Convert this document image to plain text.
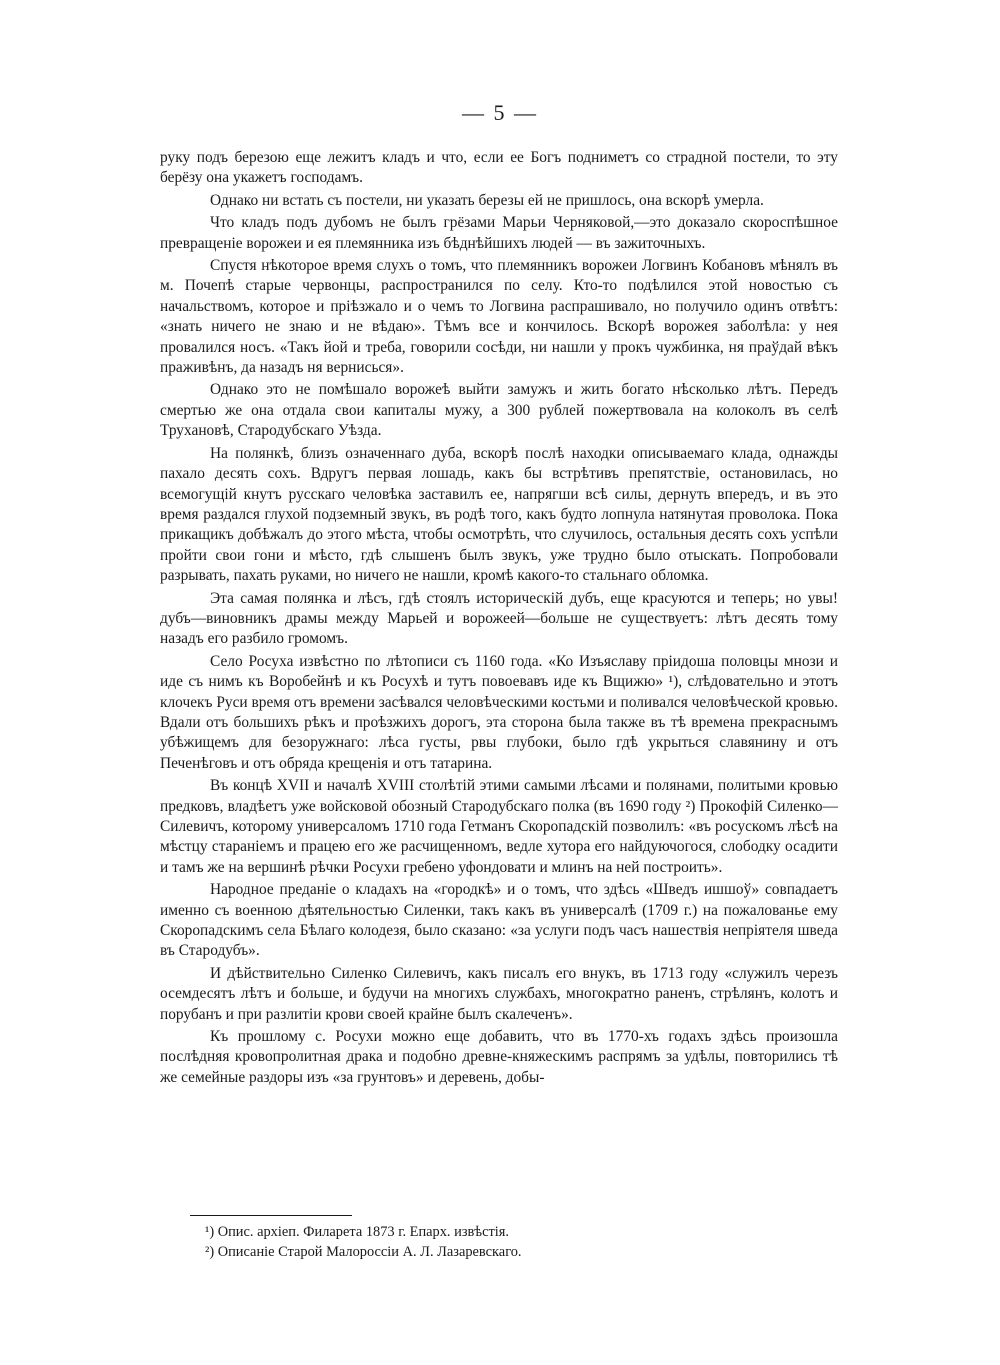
— 5 —

руку подъ березою еще лежитъ кладъ и что, если ее Богъ подниметъ со страдной постели, то эту берёзу она укажетъ господамъ.

Однако ни встать съ постели, ни указать березы ей не пришлось, она вскорѣ умерла.

Что кладъ подъ дубомъ не былъ грёзами Марьи Черняковой,—это доказало скороспѣшное превращеніе ворожеи и ея племянника изъ бѣднѣйшихъ людей — въ зажиточныхъ.

Спустя нѣкоторое время слухъ о томъ, что племянникъ ворожеи Логвинъ Кобановъ мѣнялъ въ м. Почепѣ старые червонцы, распространился по селу. Кто-то подѣлился этой новостью съ начальствомъ, которое и пріѣзжало и о чемъ то Логвина распрашивало, но получило одинъ отвѣтъ: «знать ничего не знаю и не вѣдаю». Тѣмъ все и кончилось. Вскорѣ ворожея заболѣла: у нея провалился носъ. «Такъ йой и треба, говорили сосѣди, ни нашли у прокъ чужбинка, ня праўдай вѣкъ праживѣнъ, да назадъ ня вернисься».

Однако это не помѣшало ворожеѣ выйти замужъ и жить богато нѣсколько лѣтъ. Передъ смертью же она отдала свои капиталы мужу, а 300 рублей пожертвовала на колоколъ въ селѣ Трухановѣ, Стародубскаго Уѣзда.

На полянкѣ, близъ означеннаго дуба, вскорѣ послѣ находки описываемаго клада, однажды пахало десять сохъ. Вдругъ первая лошадь, какъ бы встрѣтивъ препятствіе, остановилась, но всемогущій кнутъ русскаго человѣка заставилъ ее, напрягши всѣ силы, дернуть впередъ, и въ это время раздался глухой подземный звукъ, въ родѣ того, какъ будто лопнула натянутая проволока. Пока прикащикъ добѣжалъ до этого мѣста, чтобы осмотрѣть, что случилось, остальныя десять сохъ успѣли пройти свои гони и мѣсто, гдѣ слышенъ былъ звукъ, уже трудно было отыскать. Попробовали разрывать, пахать руками, но ничего не нашли, кромѣ какого-то стальнаго обломка.

Эта самая полянка и лѣсъ, гдѣ стоялъ историческій дубъ, еще красуются и теперь; но увы! дубъ—виновникъ драмы между Марьей и ворожеей—больше не существуетъ: лѣтъ десять тому назадъ его разбило громомъ.

Село Росуха извѣстно по лѣтописи съ 1160 года. «Ко Изъяславу пріидоша половцы мнози и иде съ нимъ къ Воробейнѣ и къ Росухѣ и тутъ повоевавъ иде къ Вщижю» ¹), слѣдовательно и этотъ клочекъ Руси время отъ времени засѣвался человѣческими костьми и поливался человѣческой кровью. Вдали отъ большихъ рѣкъ и проѣзжихъ дорогъ, эта сторона была также въ тѣ времена прекраснымъ убѣжищемъ для безоружнаго: лѣса густы, рвы глубоки, было гдѣ укрыться славянину и отъ Печенѣговъ и отъ обряда крещенія и отъ татарина.

Въ концѣ XVII и началѣ XVIII столѣтій этими самыми лѣсами и полянами, политыми кровью предковъ, владѣетъ уже войсковой обозный Стародубскаго полка (въ 1690 году ²) Прокофій Силенко—Силевичъ, которому универсаломъ 1710 года Гетманъ Скоропадскій позволилъ: «въ росускомъ лѣсѣ на мѣстцу стараніемъ и працею его же расчищенномъ, ведле хутора его найдуючогося, слободку осадити и тамъ же на вершинѣ рѣчки Росухи гребено уфондовати и млинъ на ней построить».

Народное преданіе о кладахъ на «городкѣ» и о томъ, что здѣсь «Шведъ ишшоў» совпадаетъ именно съ военною дѣятельностью Силенки, такъ какъ въ универсалѣ (1709 г.) на пожалованье ему Скоропадскимъ села Бѣлаго колодезя, было сказано: «за услуги подъ часъ нашествія непріятеля шведа въ Стародубъ».

И дѣйствительно Силенко Силевичъ, какъ писалъ его внукъ, въ 1713 году «служилъ черезъ осемдесятъ лѣтъ и больше, и будучи на многихъ службахъ, многократно раненъ, стрѣлянъ, колотъ и порубанъ и при разлитіи крови своей крайне былъ скалеченъ».

Къ прошлому с. Росухи можно еще добавить, что въ 1770-хъ годахъ здѣсь произошла послѣдняя кровопролитная драка и подобно древне-княжескимъ распрямъ за удѣлы, повторились тѣ же семейные раздоры изъ «за грунтовъ» и деревень, добы-

¹) Опис. архіеп. Филарета 1873 г. Епарх. извѣстія.

²) Описаніе Старой Малороссіи А. Л. Лазаревскаго.
